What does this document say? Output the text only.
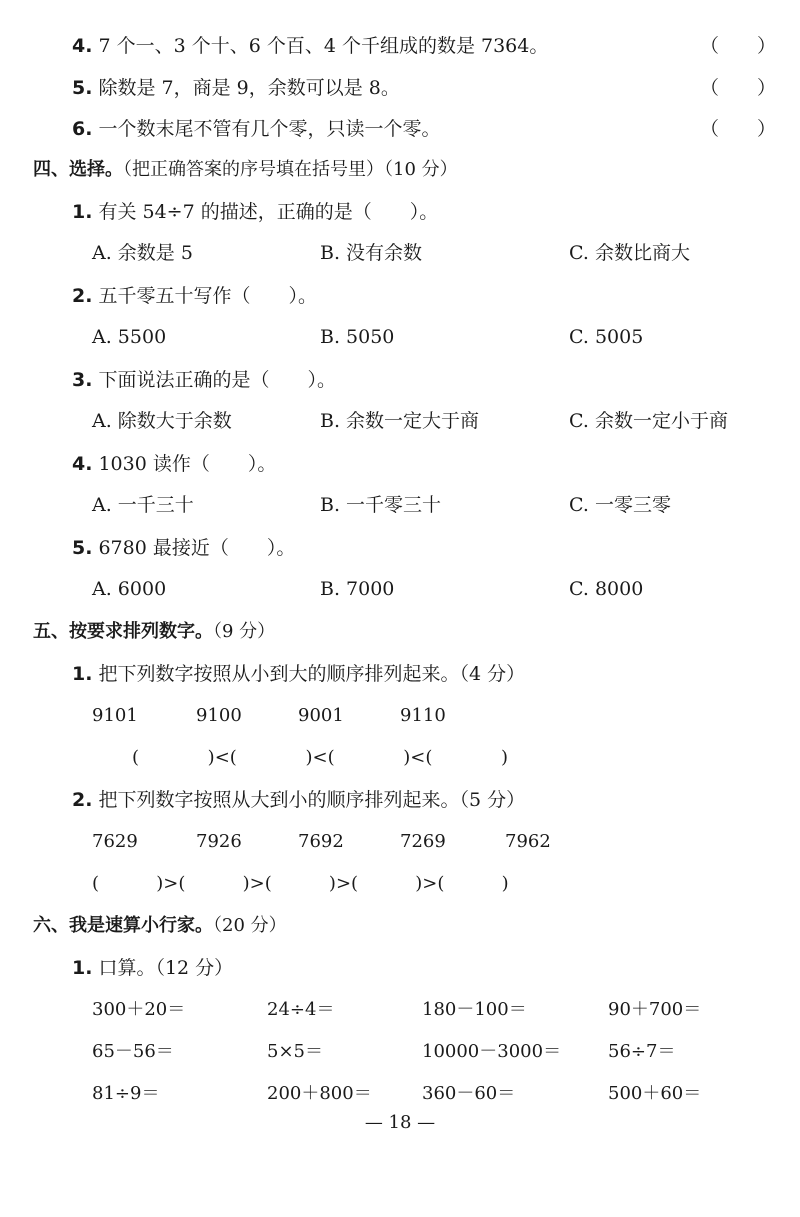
4. 7 个一、3 个十、6 个百、4 个千组成的数是 7364。	（　　）
5. 除数是 7，商是 9，余数可以是 8。	（　　）
6. 一个数末尾不管有几个零，只读一个零。	（　　）
四、选择。（把正确答案的序号填在括号里）（10 分）
1. 有关 54÷7 的描述，正确的是（　　）。
A. 余数是 5	B. 没有余数	C. 余数比商大
2. 五千零五十写作（　　）。
A. 5500	B. 5050	C. 5005
3. 下面说法正确的是（　　）。
A. 除数大于余数	B. 余数一定大于商	C. 余数一定小于商
4. 1030 读作（　　）。
A. 一千三十	B. 一千零三十	C. 一零三零
5. 6780 最接近（　　）。
A. 6000	B. 7000	C. 8000
五、按要求排列数字。（9 分）
1. 把下列数字按照从小到大的顺序排列起来。（4 分）
9101	9100	9001	9110
(            )<(            )<(            )<(            )
2. 把下列数字按照从大到小的顺序排列起来。（5 分）
7629	7926	7692	7269	7962
(          )>(          )>(          )>(          )>(          )
六、我是速算小行家。（20 分）
1. 口算。（12 分）
300＋20＝	24÷4＝	180－100＝	90＋700＝
65－56＝	5×5＝	10000－3000＝	56÷7＝
81÷9＝	200＋800＝	360－60＝	500＋60＝
— 18 —
